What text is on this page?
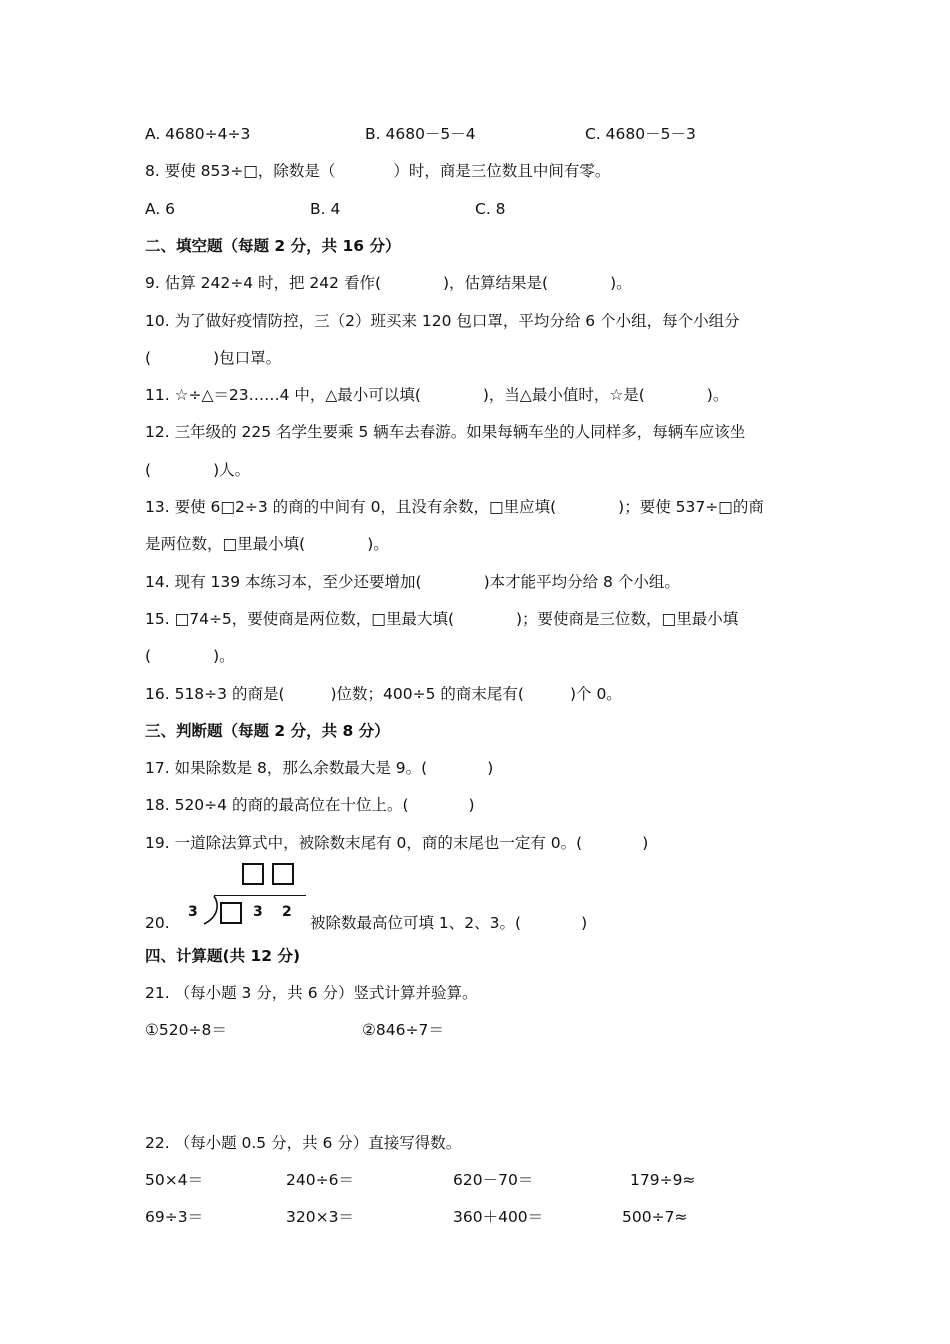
A. 4680÷4÷3	B. 4680－5－4	C. 4680－5－3
8. 要使 853÷□，除数是（	）时，商是三位数且中间有零。
A. 6	B. 4	C. 8
二、填空题（每题 2 分，共 16 分）
9. 估算 242÷4 时，把 242 看作(	)，估算结果是(	)。
10. 为了做好疫情防控，三（2）班买来 120 包口罩，平均分给 6 个小组，每个小组分
(	)包口罩。
11. ☆÷△＝23……4 中，△最小可以填(	)，当△最小值时，☆是(	)。
12. 三年级的 225 名学生要乘 5 辆车去春游。如果每辆车坐的人同样多，每辆车应该坐
(	)人。
13. 要使 6□2÷3 的商的中间有 0，且没有余数，□里应填(	)；要使 537÷□的商
是两位数，□里最小填(	)。
14. 现有 139 本练习本，至少还要增加(	)本才能平均分给 8 个小组。
15. □74÷5，要使商是两位数，□里最大填(	)；要使商是三位数，□里最小填
(	)。
16. 518÷3 的商是(	)位数；400÷5 的商末尾有(	)个 0。
三、判断题（每题 2 分，共 8 分）
17. 如果除数是 8，那么余数最大是 9。(	)
18. 520÷4 的商的最高位在十位上。(	)
19. 一道除法算式中，被除数末尾有 0，商的末尾也一定有 0。(	)
20.
3	3 2
被除数最高位可填 1、2、3。(	)
四、计算题(共 12 分)
21. （每小题 3 分，共 6 分）竖式计算并验算。
①520÷8＝	②846÷7＝
22. （每小题 0.5 分，共 6 分）直接写得数。
50×4＝	240÷6＝	620－70＝	179÷9≈
69÷3＝	320×3＝	360＋400＝	500÷7≈
